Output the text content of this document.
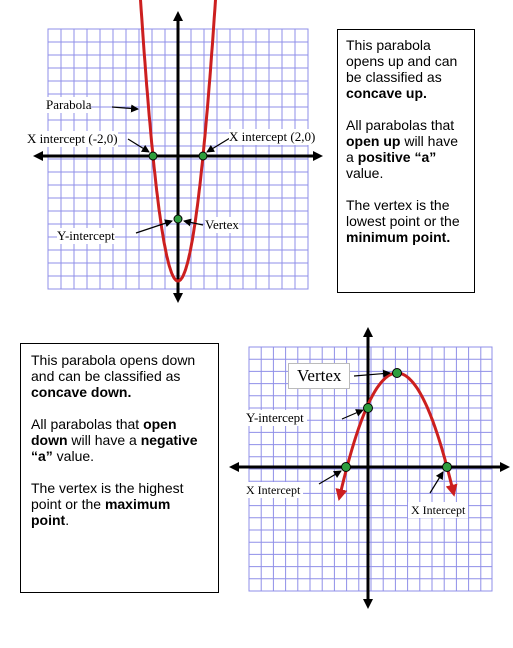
Parabola
X intercept (-2,0)	X intercept (2,0)
Y-intercept
Vertex

This parabola opens up and can be classified as concave up.

All parabolas that open up will have a positive “a” value.

The vertex is the lowest point or the minimum point.

This parabola opens down and can be classified as concave down.

All parabolas that open down will have a negative “a” value.

The vertex is the highest point or the maximum point.

Vertex
Y-intercept
X Intercept
X Intercept
